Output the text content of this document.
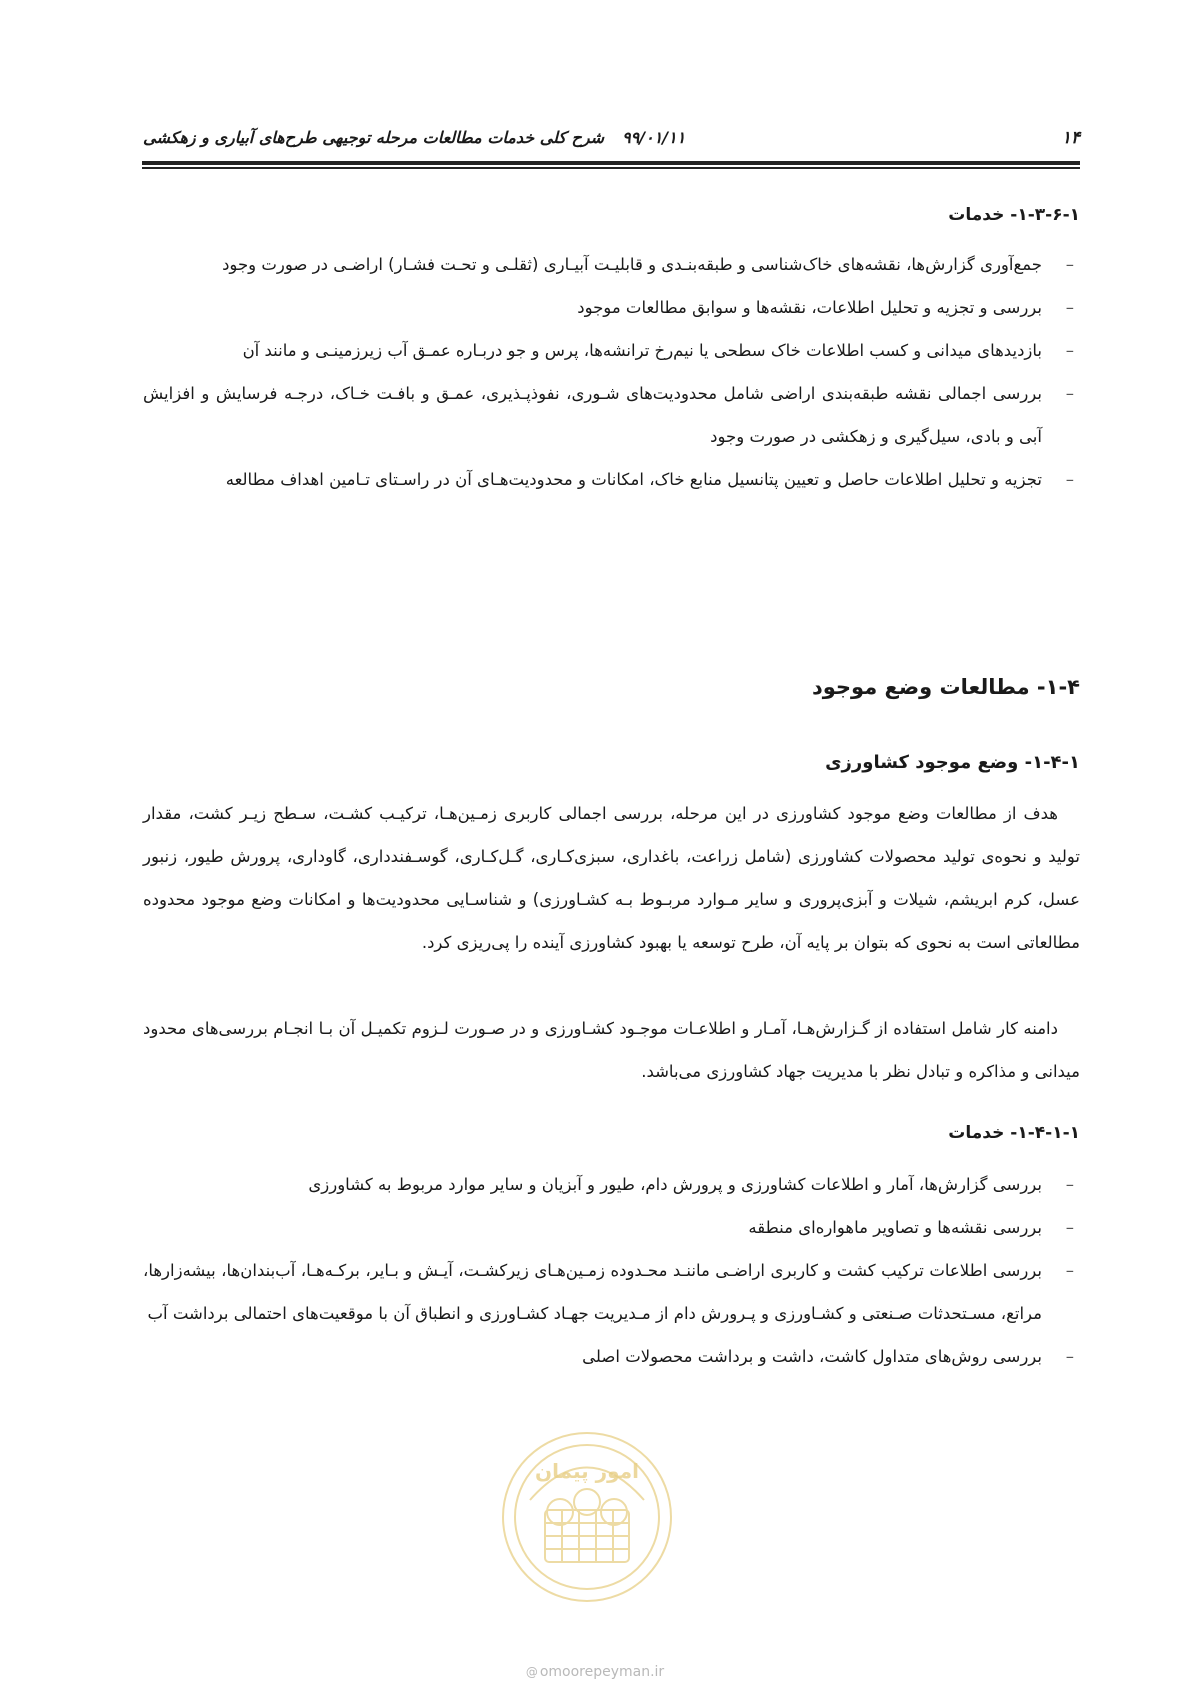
۱۴
۹۹/۰۱/۱۱شرح کلی خدمات مطالعات مرحله توجیهی طرح‌های آبیاری و زهکشی
۱-۳-۶-۱- خدمات
–
جمع‌آوری گزارش‌ها، نقشه‌های خاک‌شناسی و طبقه‌بنـدی و قابلیـت آبیـاری (ثقلـی و تحـت فشـار) اراضـی در صورت وجود
–
بررسی و تجزیه و تحلیل اطلاعات، نقشه‌ها و سوابق مطالعات موجود
–
بازدیدهای میدانی و کسب اطلاعات خاک سطحی یا نیم‌رخ ترانشه‌ها، پرس و جو دربـاره عمـق آب زیرزمینـی و مانند آن
–
بررسی اجمالی نقشه طبقه‌بندی اراضی شامل محدودیت‌های شـوری، نفوذپـذیری، عمـق و بافـت خـاک، درجـه فرسایش و افزایش آبی و بادی، سیل‌گیری و زهکشی در صورت وجود
–
تجزیه و تحلیل اطلاعات حاصل و تعیین پتانسیل منابع خاک، امکانات و محدودیت‌هـای آن در راسـتای تـامین اهداف مطالعه
۱-۴- مطالعات وضع موجود
۱-۴-۱- وضع موجود کشاورزی

هدف از مطالعات وضع موجود کشاورزی در این مرحله، بررسی اجمالی کاربری زمـین‌هـا، ترکیـب کشـت، سـطح زیـر کشت، مقدار تولید و نحوه‌ی تولید محصولات کشاورزی (شامل زراعت، باغداری، سبزی‌کـاری، گـل‌کـاری، گوسـفندداری، گاوداری، پرورش طیور، زنبور عسل، کرم ابریشم، شیلات و آبزی‌پروری و سایر مـوارد مربـوط بـه کشـاورزی) و شناسـایی محدودیت‌ها و امکانات وضع موجود محدوده مطالعاتی است به نحوی که بتوان بر پایه آن، طرح توسعه یا بهبود کشاورزی آینده را پی‌ریزی کرد.

دامنه کار شامل استفاده از گـزارش‌هـا، آمـار و اطلاعـات موجـود کشـاورزی و در صـورت لـزوم تکمیـل آن بـا انجـام بررسی‌های محدود میدانی و مذاکره و تبادل نظر با مدیریت جهاد کشاورزی می‌باشد.

۱-۴-۱-۱- خدمات
–
بررسی گزارش‌ها، آمار و اطلاعات کشاورزی و پرورش دام، طیور و آبزیان و سایر موارد مربوط به کشاورزی
–
بررسی نقشه‌ها و تصاویر ماهواره‌ای منطقه
–
بررسی اطلاعات ترکیب کشت و کاربری اراضـی ماننـد محـدوده زمـین‌هـای زیرکشـت، آیـش و بـایر، برکـه‌هـا، آب‌بندان‌ها، بیشه‌زارها، مراتع، مسـتحدثات صـنعتی و کشـاورزی و پـرورش دام از مـدیریت جهـاد کشـاورزی و انطباق آن با موقعیت‌های احتمالی برداشت آب
–
بررسی روش‌های متداول کاشت، داشت و برداشت محصولات اصلی
امور پیمان
@ omoorepeyman.ir
